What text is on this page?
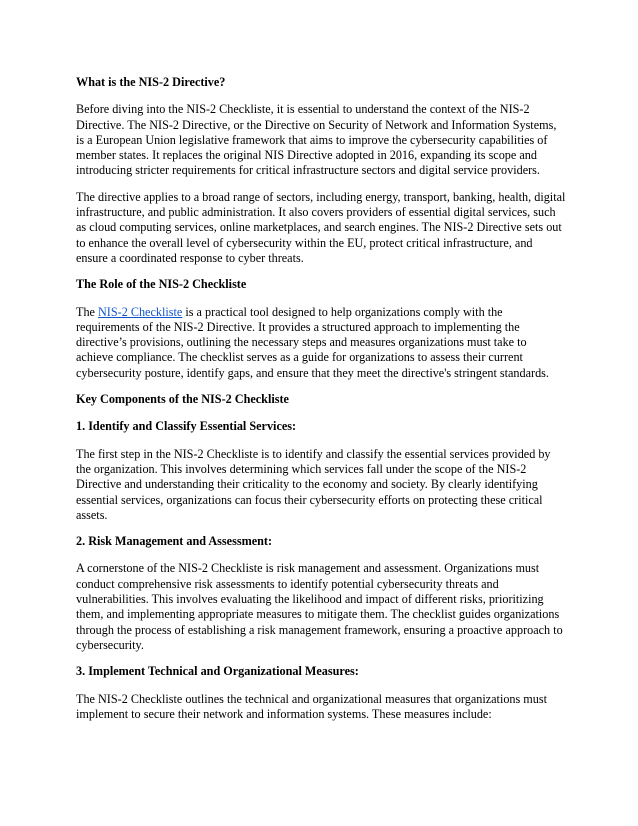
What is the NIS-2 Directive?

Before diving into the NIS-2 Checkliste, it is essential to understand the context of the NIS-2 Directive. The NIS-2 Directive, or the Directive on Security of Network and Information Systems, is a European Union legislative framework that aims to improve the cybersecurity capabilities of member states. It replaces the original NIS Directive adopted in 2016, expanding its scope and introducing stricter requirements for critical infrastructure sectors and digital service providers.

The directive applies to a broad range of sectors, including energy, transport, banking, health, digital infrastructure, and public administration. It also covers providers of essential digital services, such as cloud computing services, online marketplaces, and search engines. The NIS-2 Directive sets out to enhance the overall level of cybersecurity within the EU, protect critical infrastructure, and ensure a coordinated response to cyber threats.

The Role of the NIS-2 Checkliste

The NIS-2 Checkliste is a practical tool designed to help organizations comply with the requirements of the NIS-2 Directive. It provides a structured approach to implementing the directive’s provisions, outlining the necessary steps and measures organizations must take to achieve compliance. The checklist serves as a guide for organizations to assess their current cybersecurity posture, identify gaps, and ensure that they meet the directive's stringent standards.

Key Components of the NIS-2 Checkliste

1. Identify and Classify Essential Services:

The first step in the NIS-2 Checkliste is to identify and classify the essential services provided by the organization. This involves determining which services fall under the scope of the NIS-2 Directive and understanding their criticality to the economy and society. By clearly identifying essential services, organizations can focus their cybersecurity efforts on protecting these critical assets.

2. Risk Management and Assessment:

A cornerstone of the NIS-2 Checkliste is risk management and assessment. Organizations must conduct comprehensive risk assessments to identify potential cybersecurity threats and vulnerabilities. This involves evaluating the likelihood and impact of different risks, prioritizing them, and implementing appropriate measures to mitigate them. The checklist guides organizations through the process of establishing a risk management framework, ensuring a proactive approach to cybersecurity.

3. Implement Technical and Organizational Measures:

The NIS-2 Checkliste outlines the technical and organizational measures that organizations must implement to secure their network and information systems. These measures include:
